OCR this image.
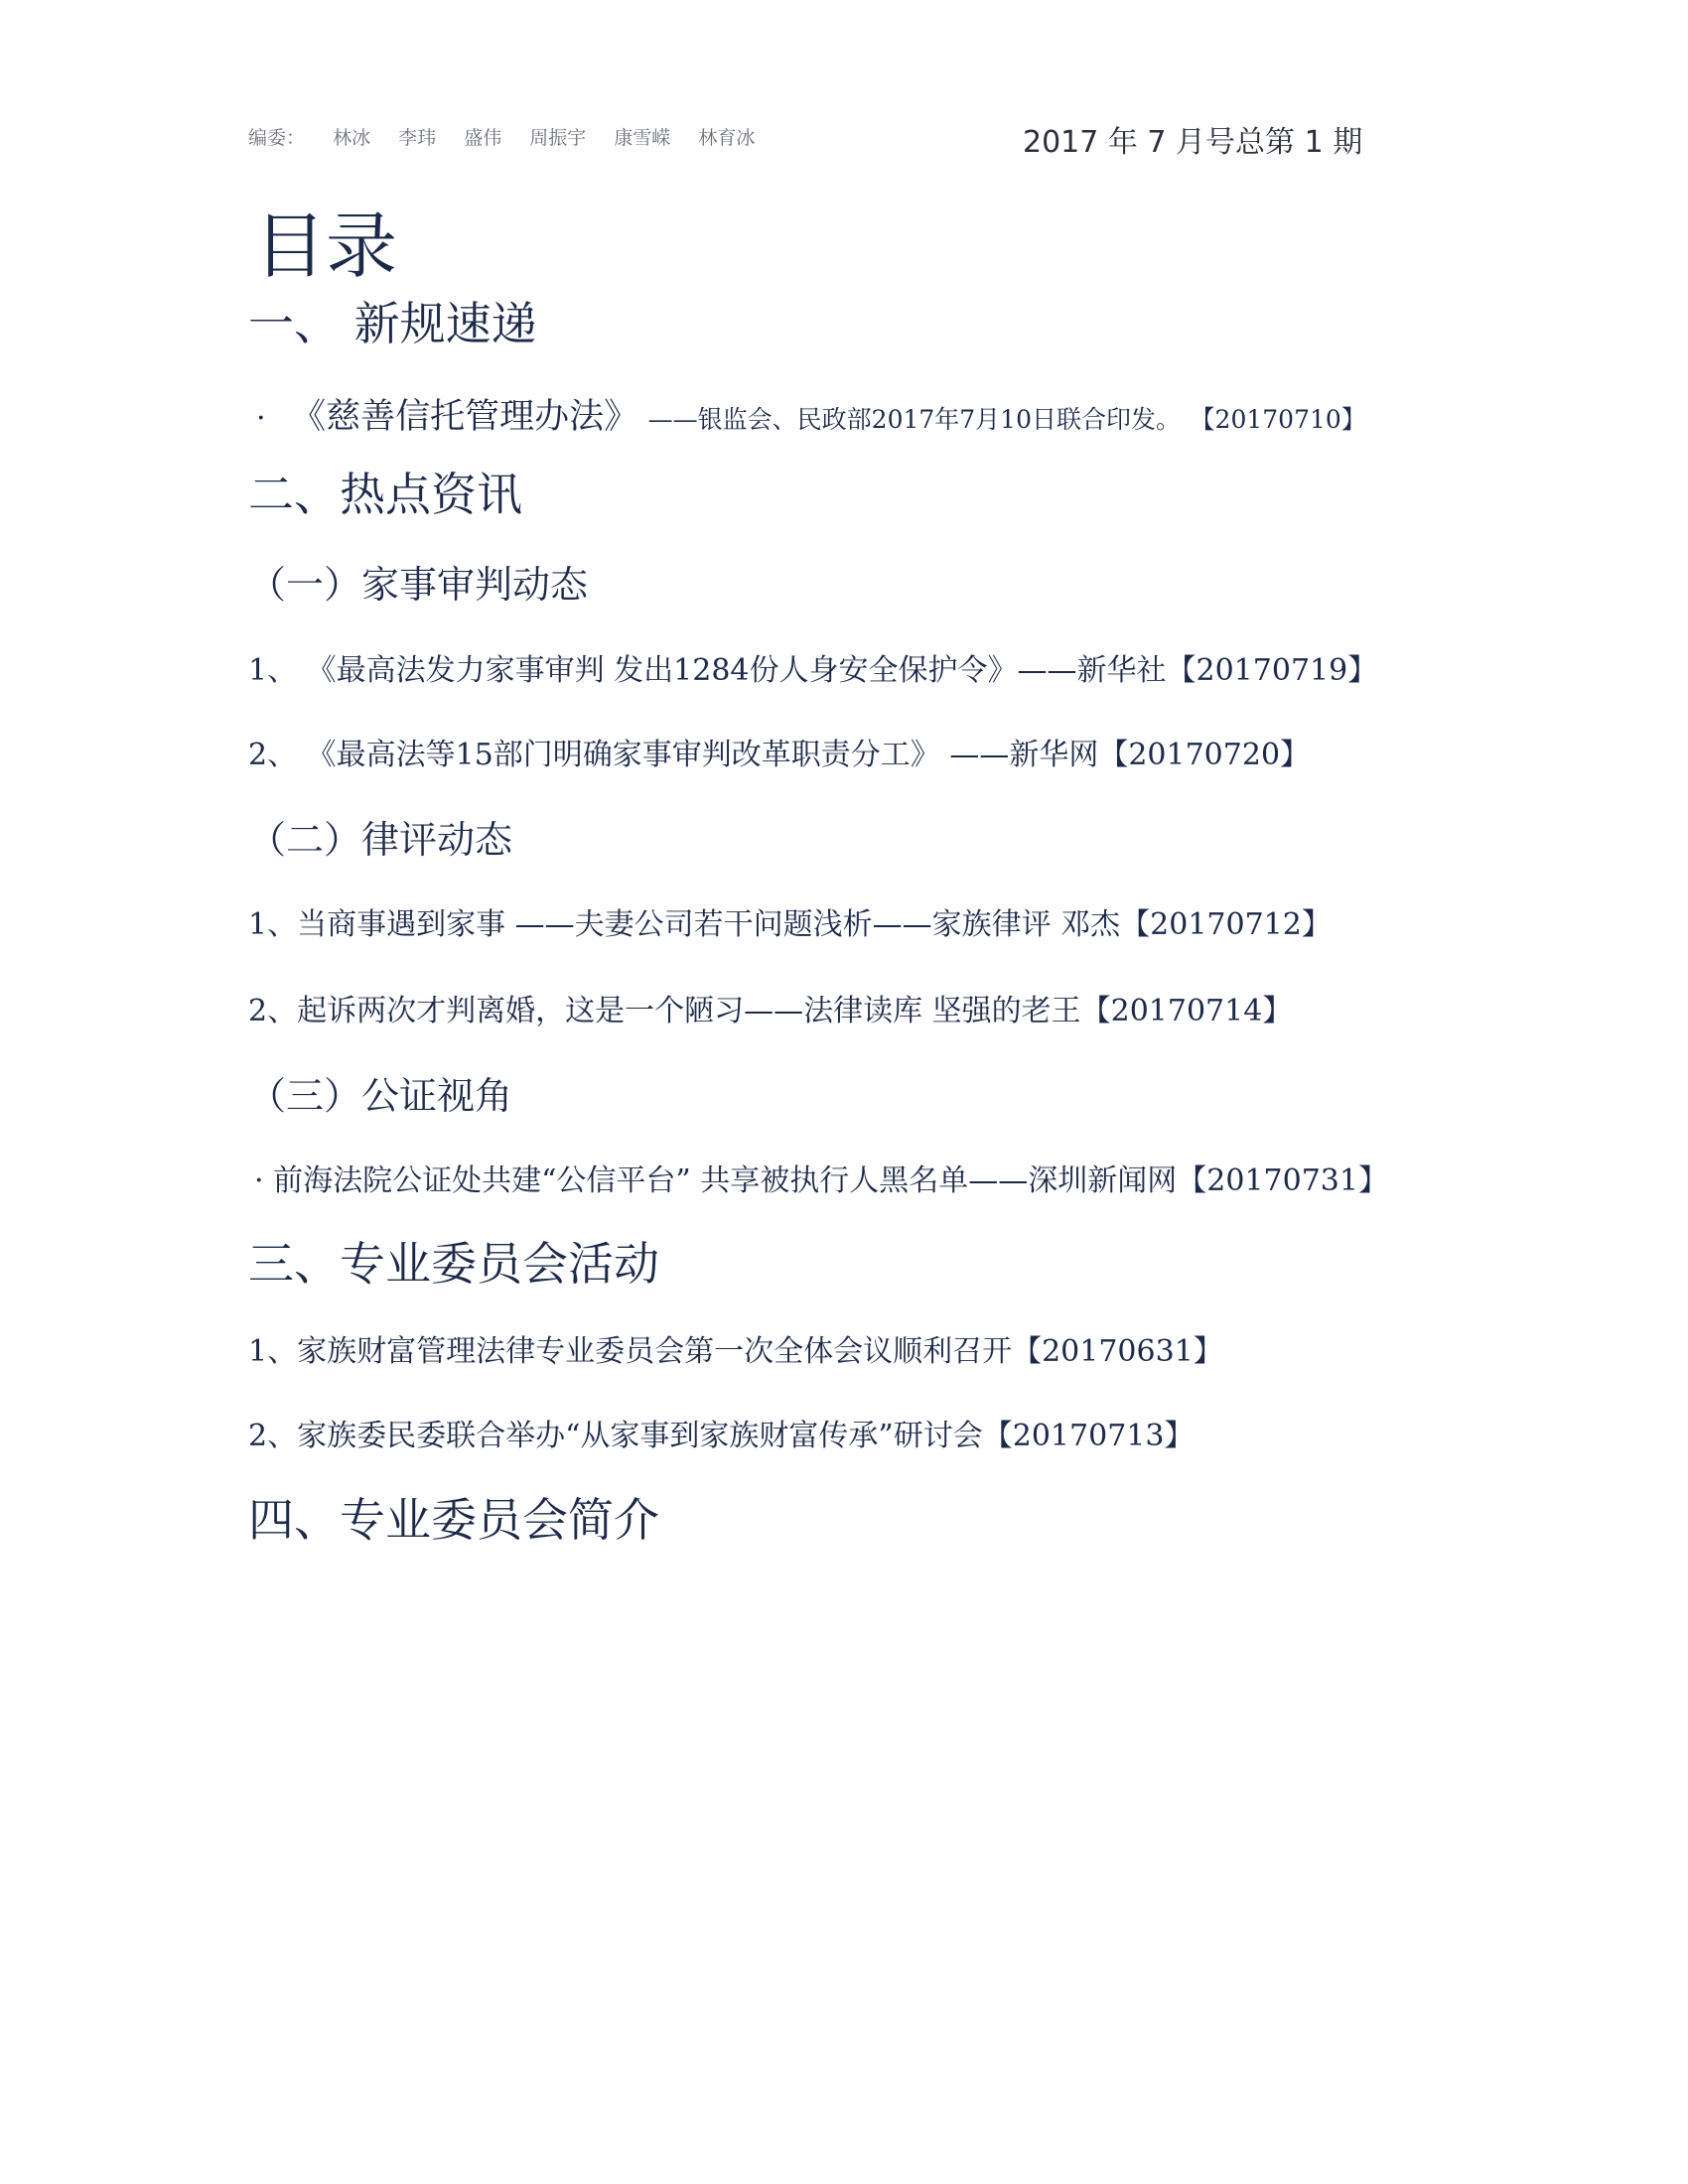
编委： 林冰 李玮 盛伟 周振宇 康雪嵘 林育冰	2017 年 7 月号总第 1 期
目录
一、 新规速递
· 《慈善信托管理办法》 ——银监会、民政部2017年7月10日联合印发。 【20170710】
二、热点资讯
（一）家事审判动态
1、 《最高法发力家事审判 发出1284份人身安全保护令》——新华社【20170719】
2、 《最高法等15部门明确家事审判改革职责分工》 ——新华网【20170720】
（二）律评动态
1、当商事遇到家事 ——夫妻公司若干问题浅析——家族律评 邓杰【20170712】
2、起诉两次才判离婚，这是一个陋习——法律读库 坚强的老王【20170714】
（三）公证视角
· 前海法院公证处共建“公信平台” 共享被执行人黑名单——深圳新闻网【20170731】
三、专业委员会活动
1、家族财富管理法律专业委员会第一次全体会议顺利召开【20170631】
2、家族委民委联合举办“从家事到家族财富传承”研讨会【20170713】
四、专业委员会简介
